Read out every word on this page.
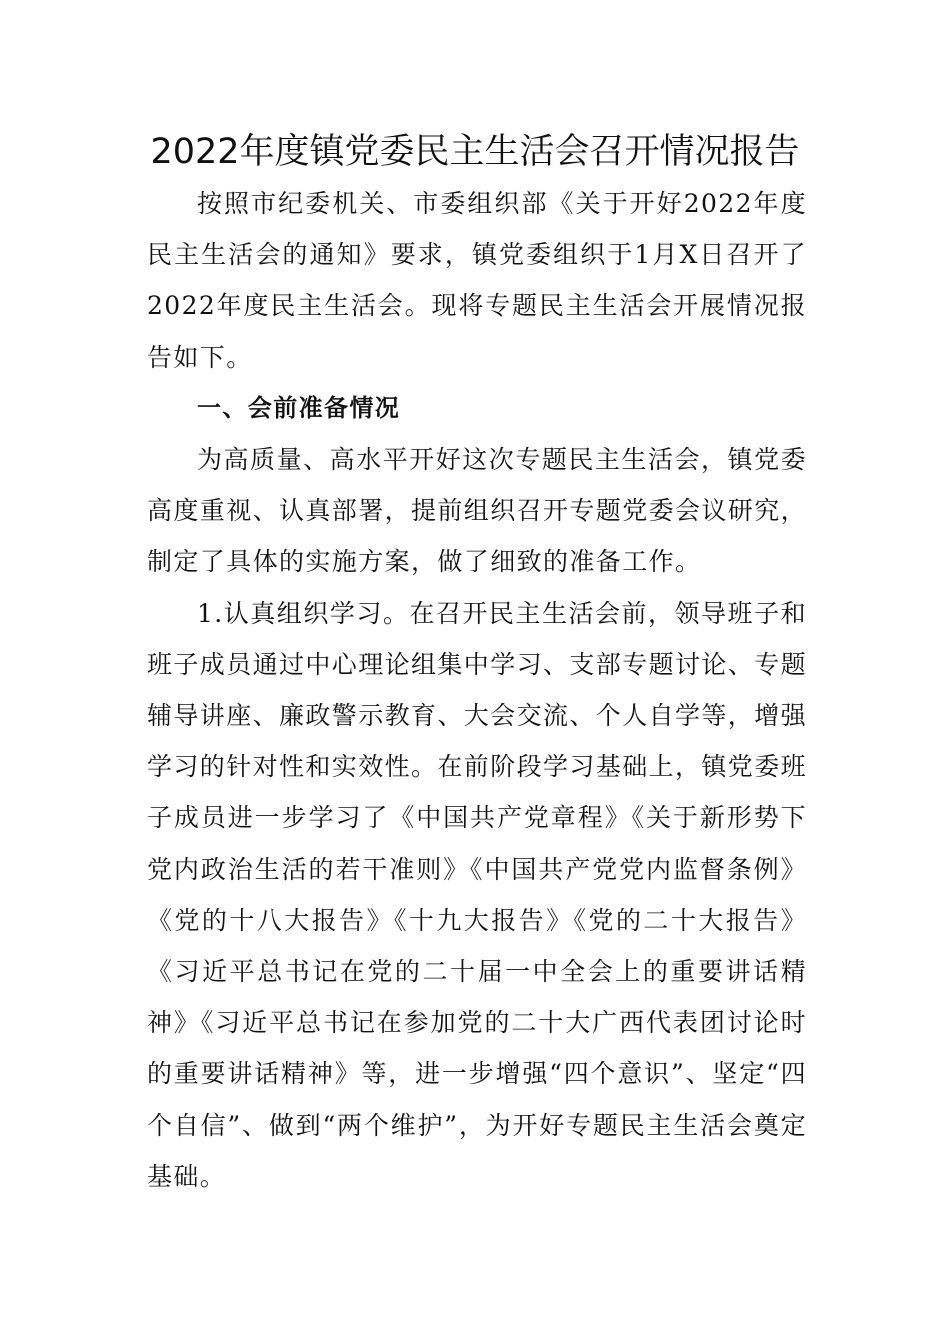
2022年度镇党委民主生活会召开情况报告

按照市纪委机关、市委组织部《关于开好2022年度民主生活会的通知》要求，镇党委组织于1月X日召开了2022年度民主生活会。现将专题民主生活会开展情况报告如下。

一、会前准备情况

为高质量、高水平开好这次专题民主生活会，镇党委高度重视、认真部署，提前组织召开专题党委会议研究，制定了具体的实施方案，做了细致的准备工作。

1.认真组织学习。在召开民主生活会前，领导班子和班子成员通过中心理论组集中学习、支部专题讨论、专题辅导讲座、廉政警示教育、大会交流、个人自学等，增强学习的针对性和实效性。在前阶段学习基础上，镇党委班子成员进一步学习了《中国共产党章程》《关于新形势下党内政治生活的若干准则》《中国共产党党内监督条例》《党的十八大报告》《十九大报告》《党的二十大报告》《习近平总书记在党的二十届一中全会上的重要讲话精神》《习近平总书记在参加党的二十大广西代表团讨论时的重要讲话精神》等，进一步增强“四个意识”、坚定“四个自信”、做到“两个维护”，为开好专题民主生活会奠定基础。
